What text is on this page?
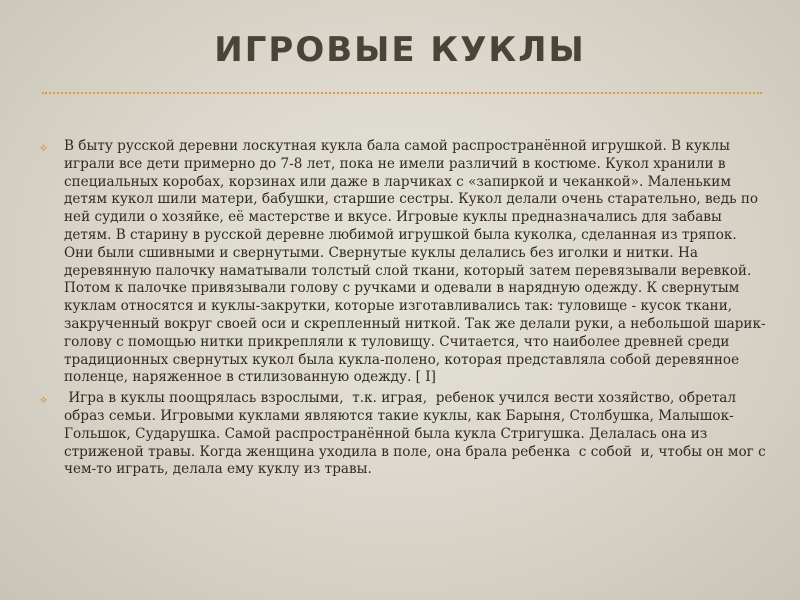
ИГРОВЫЕ КУКЛЫ

⟡ В быту русской деревни лоскутная кукла бала самой распространённой игрушкой. В куклы играли все дети примерно до 7-8 лет, пока не имели различий в костюме. Кукол хранили в специальных коробах, корзинах или даже в ларчиках с «запиркой и чеканкой». Маленьким детям кукол шили матери, бабушки, старшие сестры. Кукол делали очень старательно, ведь по ней судили о хозяйке, её мастерстве и вкусе. Игровые куклы предназначались для забавы детям. В старину в русской деревне любимой игрушкой была куколка, сделанная из тряпок. Они были сшивными и свернутыми. Свернутые куклы делались без иголки и нитки. На деревянную палочку наматывали толстый слой ткани, который затем перевязывали веревкой. Потом к палочке привязывали голову с ручками и одевали в нарядную одежду. К свернутым куклам относятся и куклы-закрутки, которые изготавливались так: туловище - кусок ткани, закрученный вокруг своей оси и скрепленный ниткой. Так же делали руки, а небольшой шарик-голову с помощью нитки прикрепляли к туловищу. Считается, что наиболее древней среди традиционных свернутых кукол была кукла-полено, которая представляла собой деревянное поленце, наряженное в стилизованную одежду. [ I]

⟡ Игра в куклы поощрялась взрослыми,  т.к. играя,  ребенок учился вести хозяйство, обретал образ семьи. Игровыми куклами являются такие куклы, как Барыня, Столбушка, Малышок-Гольшок, Сударушка. Самой распространённой была кукла Стригушка. Делалась она из стриженой травы. Когда женщина уходила в поле, она брала ребенка  с собой  и, чтобы он мог с чем-то играть, делала ему куклу из травы.
